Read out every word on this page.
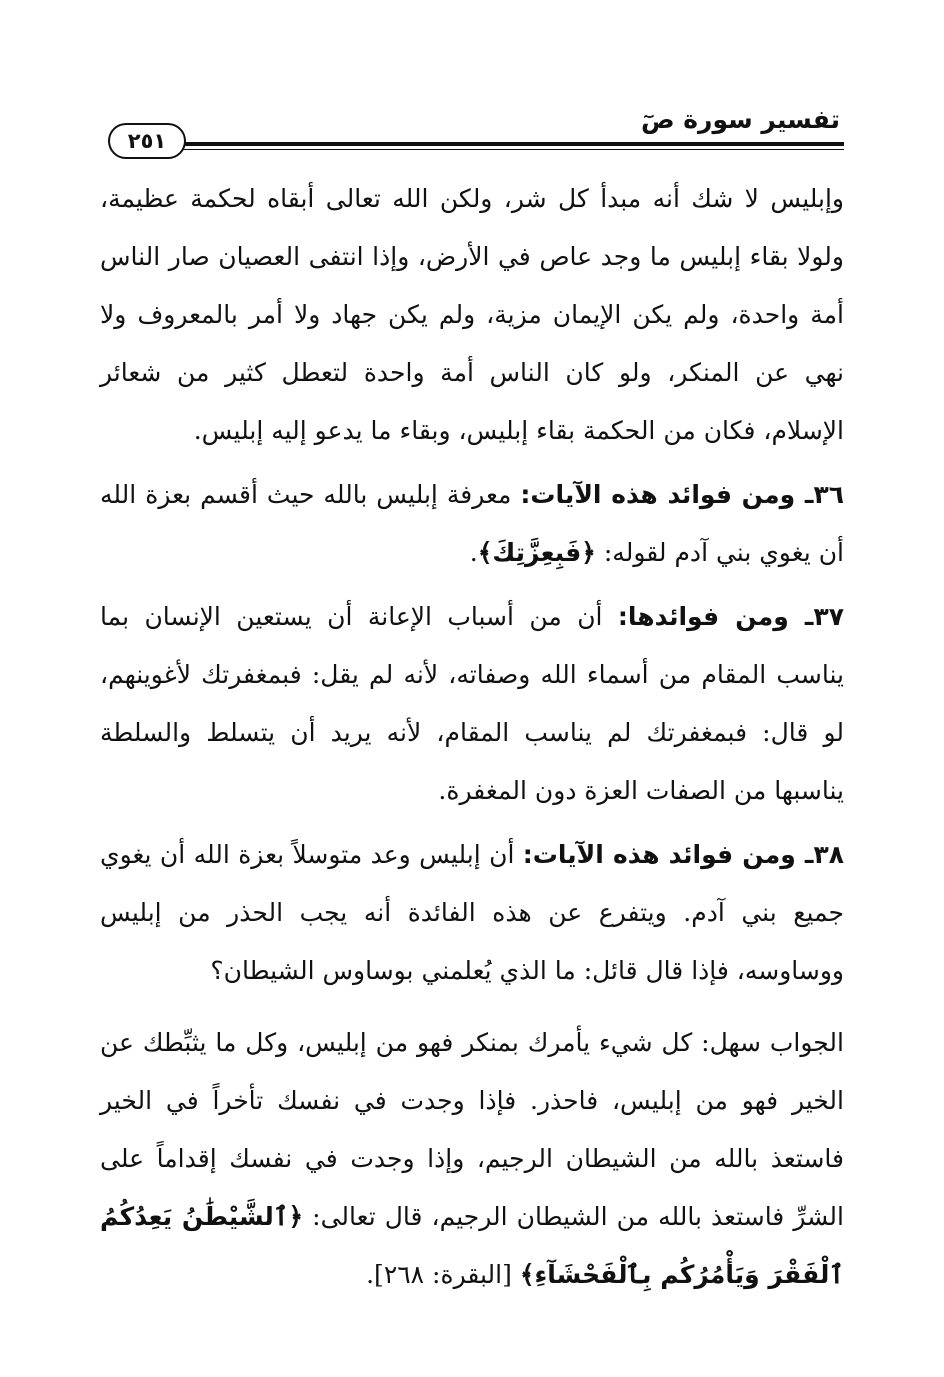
تفسير سورة صٓ
٢٥١

وإبليس لا شك أنه مبدأ كل شر، ولكن الله تعالى أبقاه لحكمة عظيمة، ولولا بقاء إبليس ما وجد عاص في الأرض، وإذا انتفى العصيان صار الناس أمة واحدة، ولم يكن الإيمان مزية، ولم يكن جهاد ولا أمر بالمعروف ولا نهي عن المنكر، ولو كان الناس أمة واحدة لتعطل كثير من شعائر الإسلام، فكان من الحكمة بقاء إبليس، وبقاء ما يدعو إليه إبليس.

٣٦ـ ومن فوائد هذه الآيات: معرفة إبليس بالله حيث أقسم بعزة الله أن يغوي بني آدم لقوله: ﴿فَبِعِزَّتِكَ﴾.

٣٧ـ ومن فوائدها: أن من أسباب الإعانة أن يستعين الإنسان بما يناسب المقام من أسماء الله وصفاته، لأنه لم يقل: فبمغفرتك لأغوينهم، لو قال: فبمغفرتك لم يناسب المقام، لأنه يريد أن يتسلط والسلطة يناسبها من الصفات العزة دون المغفرة.

٣٨ـ ومن فوائد هذه الآيات: أن إبليس وعد متوسلاً بعزة الله أن يغوي جميع بني آدم. ويتفرع عن هذه الفائدة أنه يجب الحذر من إبليس ووساوسه، فإذا قال قائل: ما الذي يُعلمني بوساوس الشيطان؟

الجواب سهل: كل شيء يأمرك بمنكر فهو من إبليس، وكل ما يثبِّطك عن الخير فهو من إبليس، فاحذر. فإذا وجدت في نفسك تأخراً في الخير فاستعذ بالله من الشيطان الرجيم، وإذا وجدت في نفسك إقداماً على الشرِّ فاستعذ بالله من الشيطان الرجيم، قال تعالى: ﴿ٱلشَّيْطَٰنُ يَعِدُكُمُ ٱلْفَقْرَ وَيَأْمُرُكُم بِٱلْفَحْشَآءِ﴾ [البقرة: ٢٦٨].
